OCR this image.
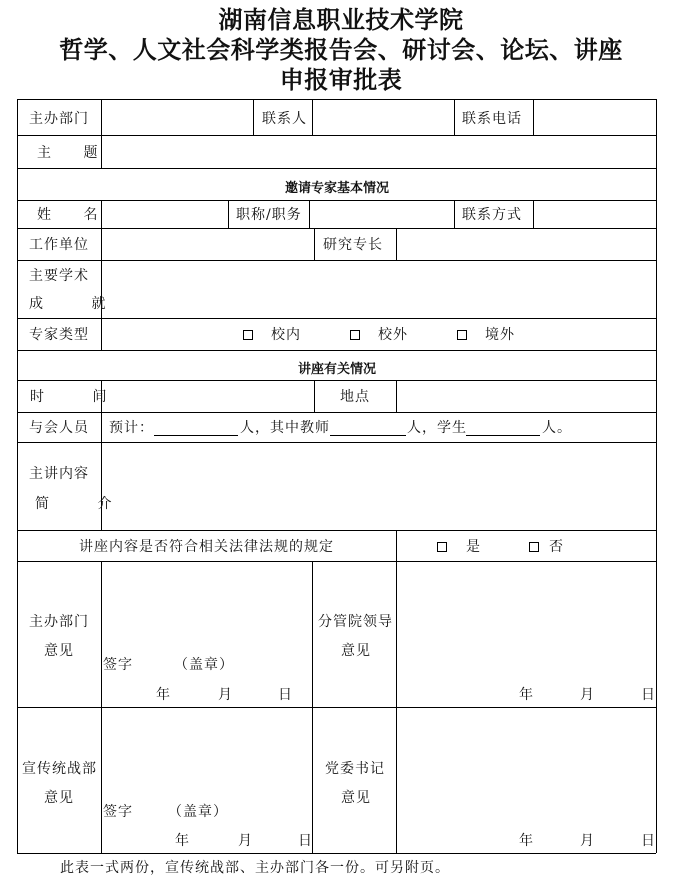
湖南信息职业技术学院
哲学、人文社会科学类报告会、研讨会、论坛、讲座
申报审批表
主办部门	联系人	联系电话
主 题
邀请专家基本情况
姓 名	职称/职务	联系方式
工作单位	研究专长
主要学术
成 就
专家类型	校内	校外	境外
讲座有关情况
时 间	地点
与会人员 预计：	人，其中教师	人，学生	人。
主讲内容
简 介
讲座内容是否符合相关法律法规的规定	是	否
主办部门
意见
签字	（盖章）
年	月	日
分管院领导
意见
年	月	日
宣传统战部
意见
签字	（盖章）
年	月	日
党委书记
意见
年	月	日
此表一式两份，宣传统战部、主办部门各一份。可另附页。
